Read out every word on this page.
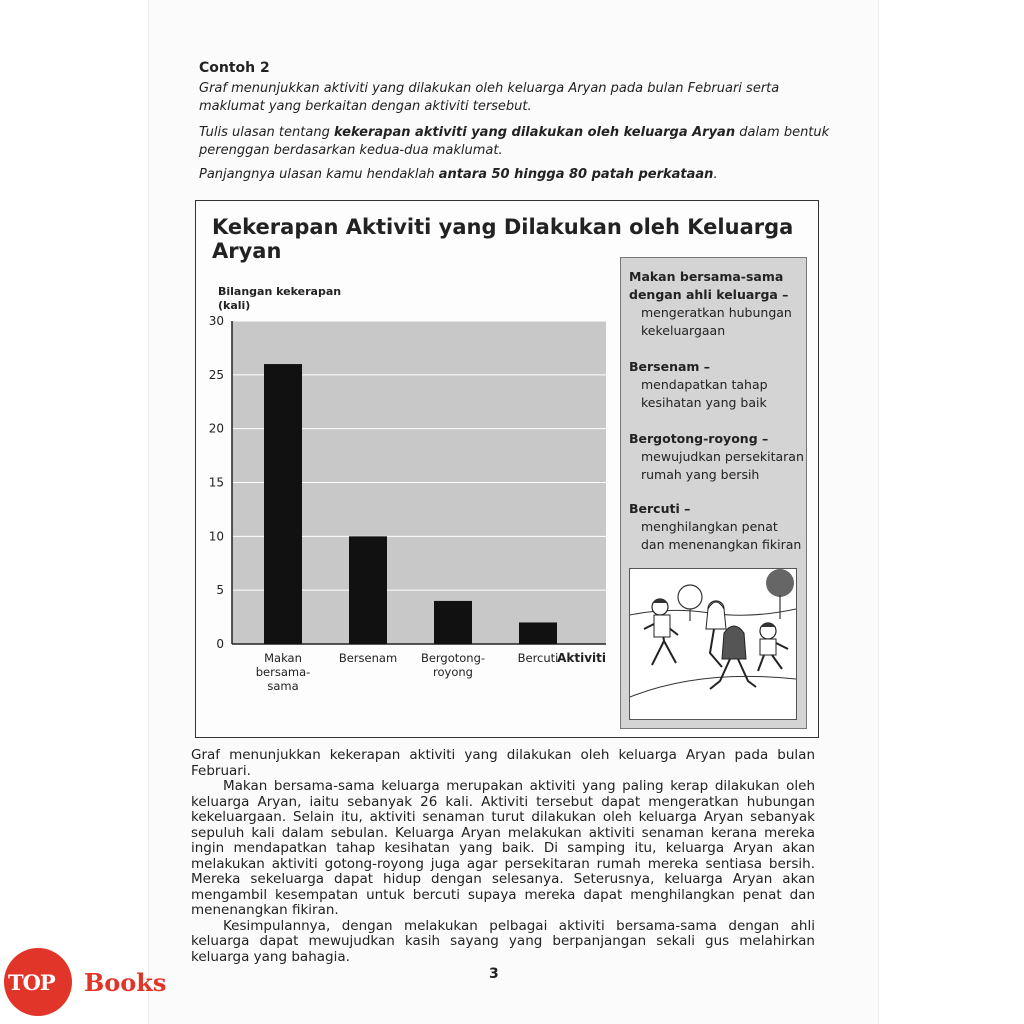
Contoh 2
Graf menunjukkan aktiviti yang dilakukan oleh keluarga Aryan pada bulan Februari serta maklumat yang berkaitan dengan aktiviti tersebut.
Tulis ulasan tentang kekerapan aktiviti yang dilakukan oleh keluarga Aryan dalam bentuk perenggan berdasarkan kedua-dua maklumat.
Panjangnya ulasan kamu hendaklah antara 50 hingga 80 patah perkataan.
Kekerapan Aktiviti yang Dilakukan oleh Keluarga Aryan
Bilangan kekerapan
(kali)
0
5
10
15
20
25
30
Makan
bersama-
sama
Bersenam Bergotong-
royong
Bercuti
Aktiviti
Makan bersama-sama dengan ahli keluarga –
mengeratkan hubungan kekeluargaan
Bersenam –
mendapatkan tahap kesihatan yang baik
Bergotong-royong –
mewujudkan persekitaran rumah yang bersih
Bercuti –
menghilangkan penat dan menenangkan fikiran

Graf menunjukkan kekerapan aktiviti yang dilakukan oleh keluarga Aryan pada bulan Februari.

Makan bersama-sama keluarga merupakan aktiviti yang paling kerap dilakukan oleh keluarga Aryan, iaitu sebanyak 26 kali. Aktiviti tersebut dapat mengeratkan hubungan kekeluargaan. Selain itu, aktiviti senaman turut dilakukan oleh keluarga Aryan sebanyak sepuluh kali dalam sebulan. Keluarga Aryan melakukan aktiviti senaman kerana mereka ingin mendapatkan tahap kesihatan yang baik. Di samping itu, keluarga Aryan akan melakukan aktiviti gotong-royong juga agar persekitaran rumah mereka sentiasa bersih. Mereka sekeluarga dapat hidup dengan selesanya. Seterusnya, keluarga Aryan akan mengambil kesempatan untuk bercuti supaya mereka dapat menghilangkan penat dan menenangkan fikiran.

Kesimpulannya, dengan melakukan pelbagai aktiviti bersama-sama dengan ahli keluarga dapat mewujudkan kasih sayang yang berpanjangan sekali gus melahirkan keluarga yang bahagia.

3
TOP Books
